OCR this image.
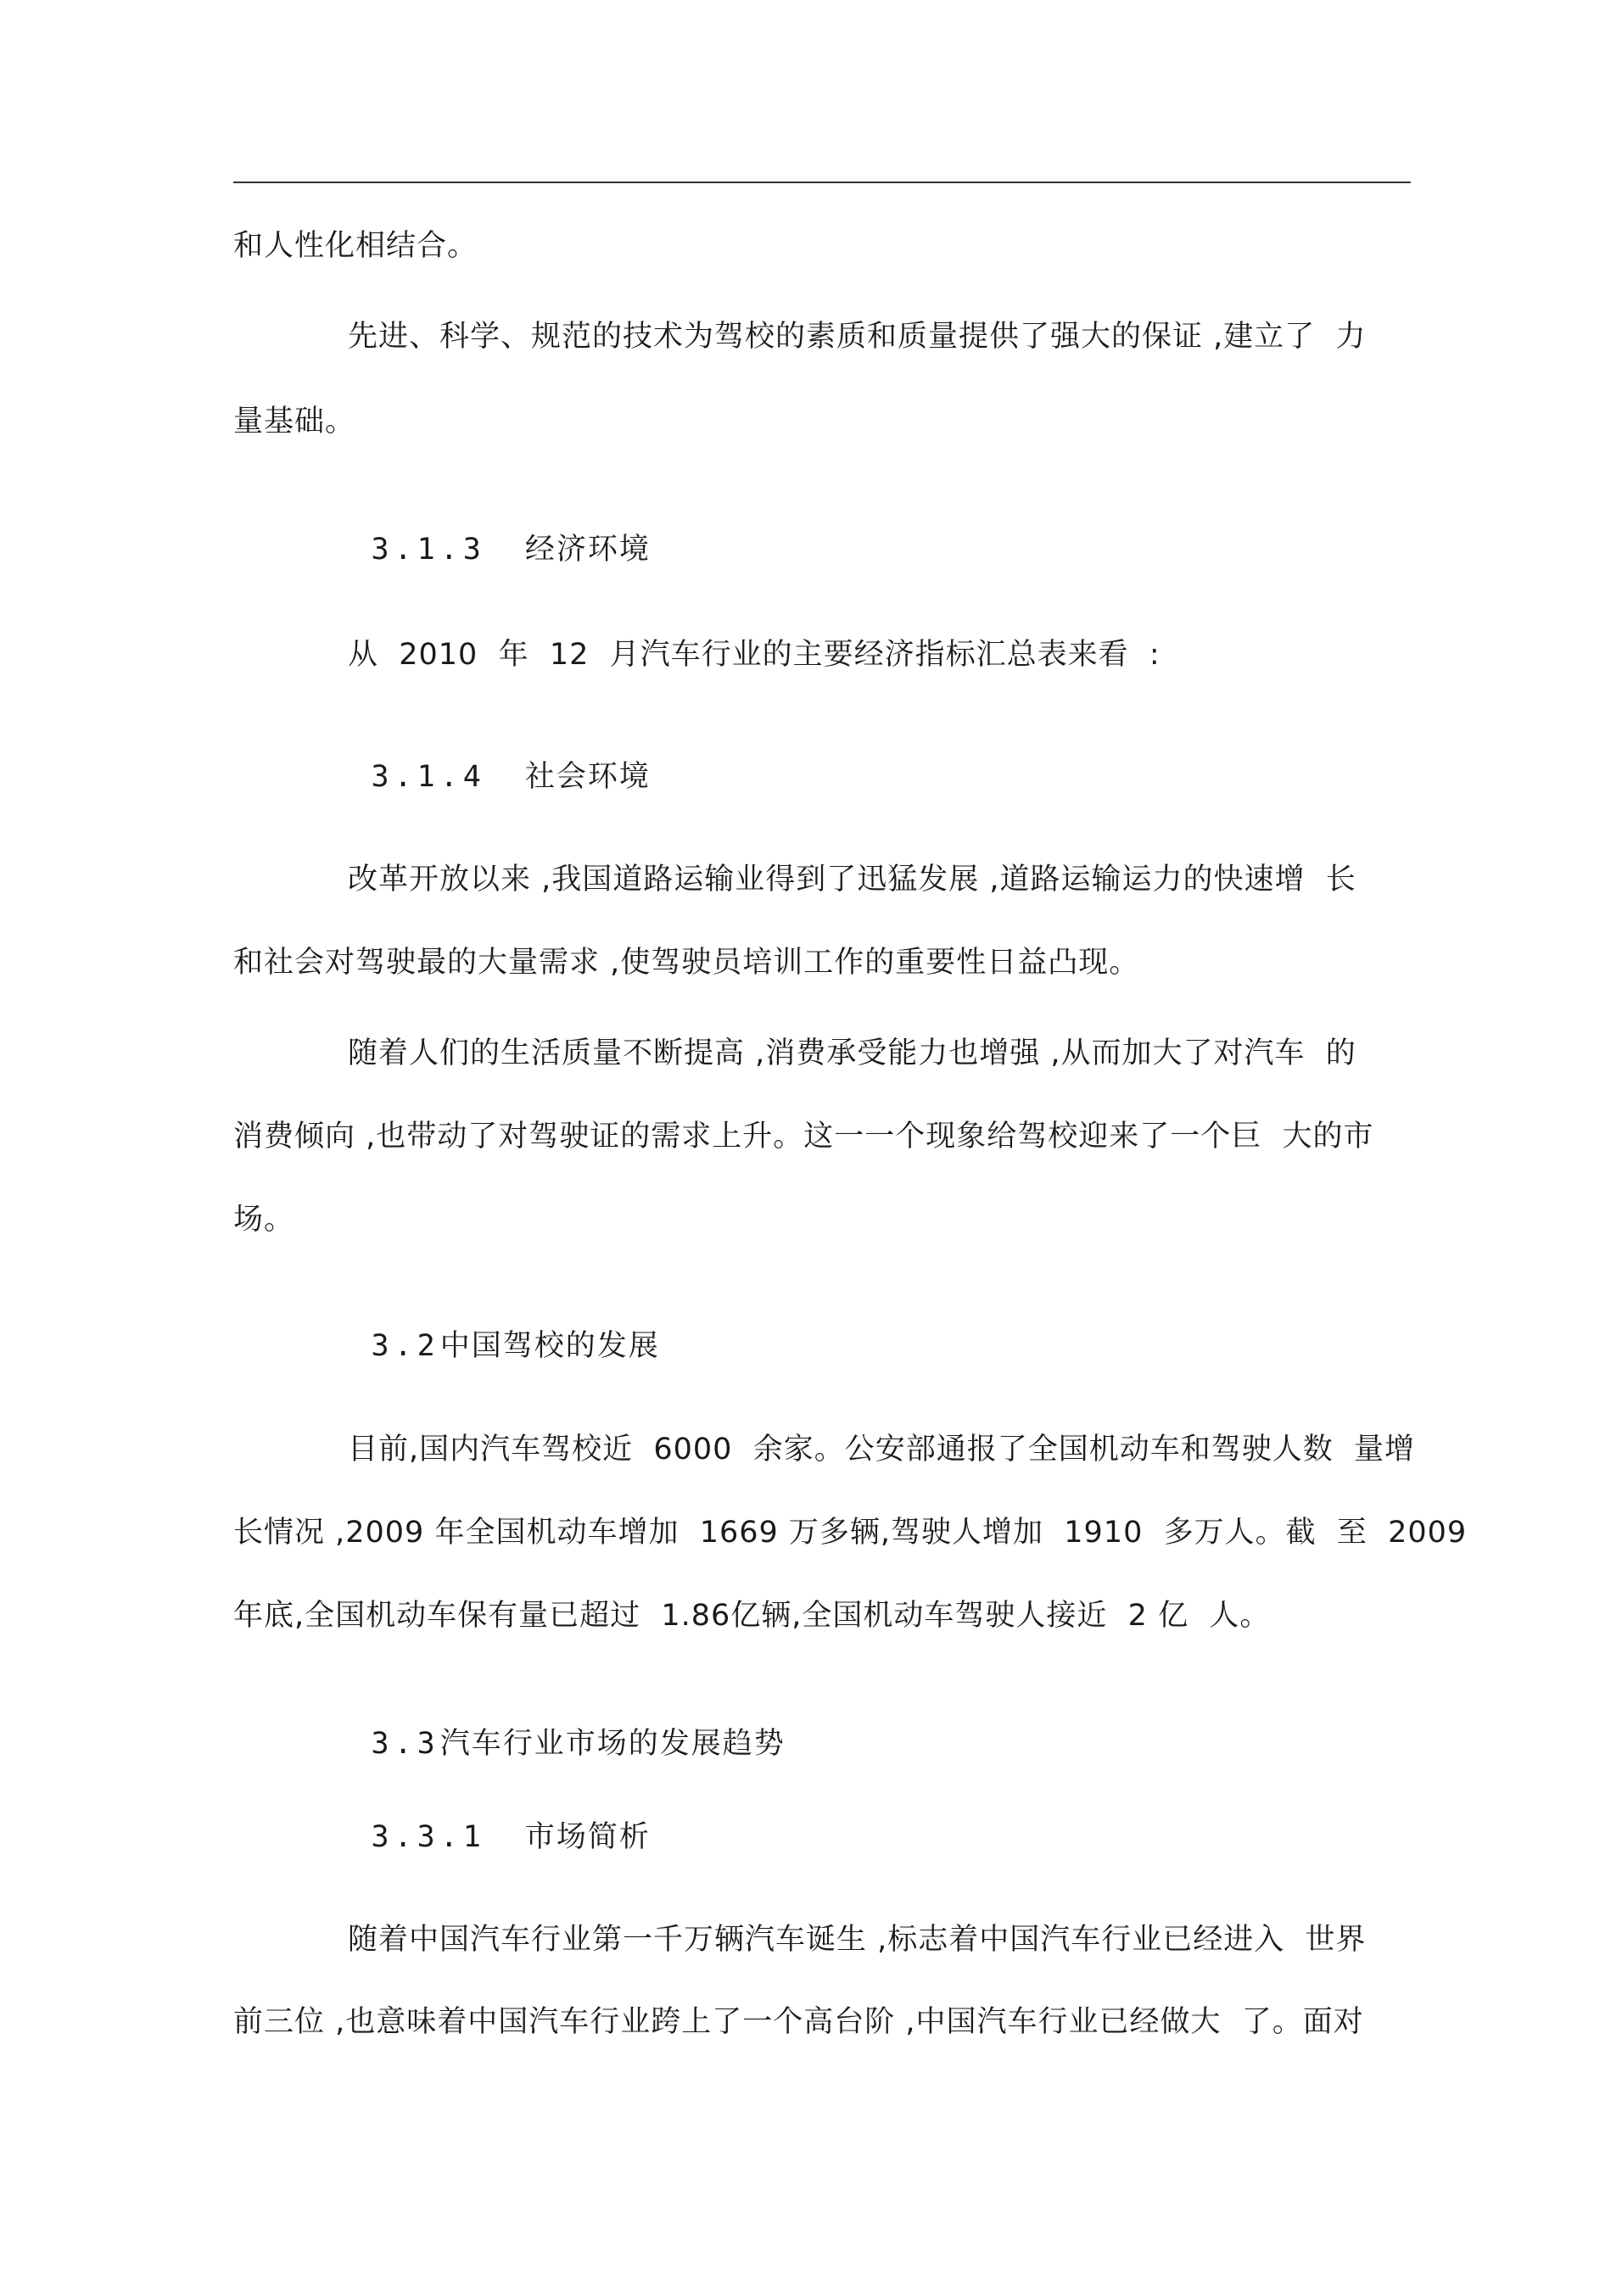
和人性化相结合。
先进、科学、规范的技术为驾校的素质和质量提供了强大的保证 ,建立了  力
量基础。

3.1.3 经济环境

从  2010  年  12  月汽车行业的主要经济指标汇总表来看  :

3.1.4 社会环境

改革开放以来 ,我国道路运输业得到了迅猛发展 ,道路运输运力的快速增  长
和社会对驾驶最的大量需求 ,使驾驶员培训工作的重要性日益凸现。
随着人们的生活质量不断提高 ,消费承受能力也增强 ,从而加大了对汽车  的
消费倾向 ,也带动了对驾驶证的需求上升。这一一个现象给驾校迎来了一个巨  大的市
场。

3.2中国驾校的发展

目前,国内汽车驾校近  6000  余家。公安部通报了全国机动车和驾驶人数  量增
长情况 ,2009 年全国机动车增加  1669 万多辆,驾驶人增加  1910  多万人。截  至  2009
年底,全国机动车保有量已超过  1.86亿辆,全国机动车驾驶人接近  2 亿  人。

3.3汽车行业市场的发展趋势

3.3.1 市场简析

随着中国汽车行业第一千万辆汽车诞生 ,标志着中国汽车行业已经进入  世界
前三位 ,也意味着中国汽车行业跨上了一个高台阶 ,中国汽车行业已经做大  了。面对
